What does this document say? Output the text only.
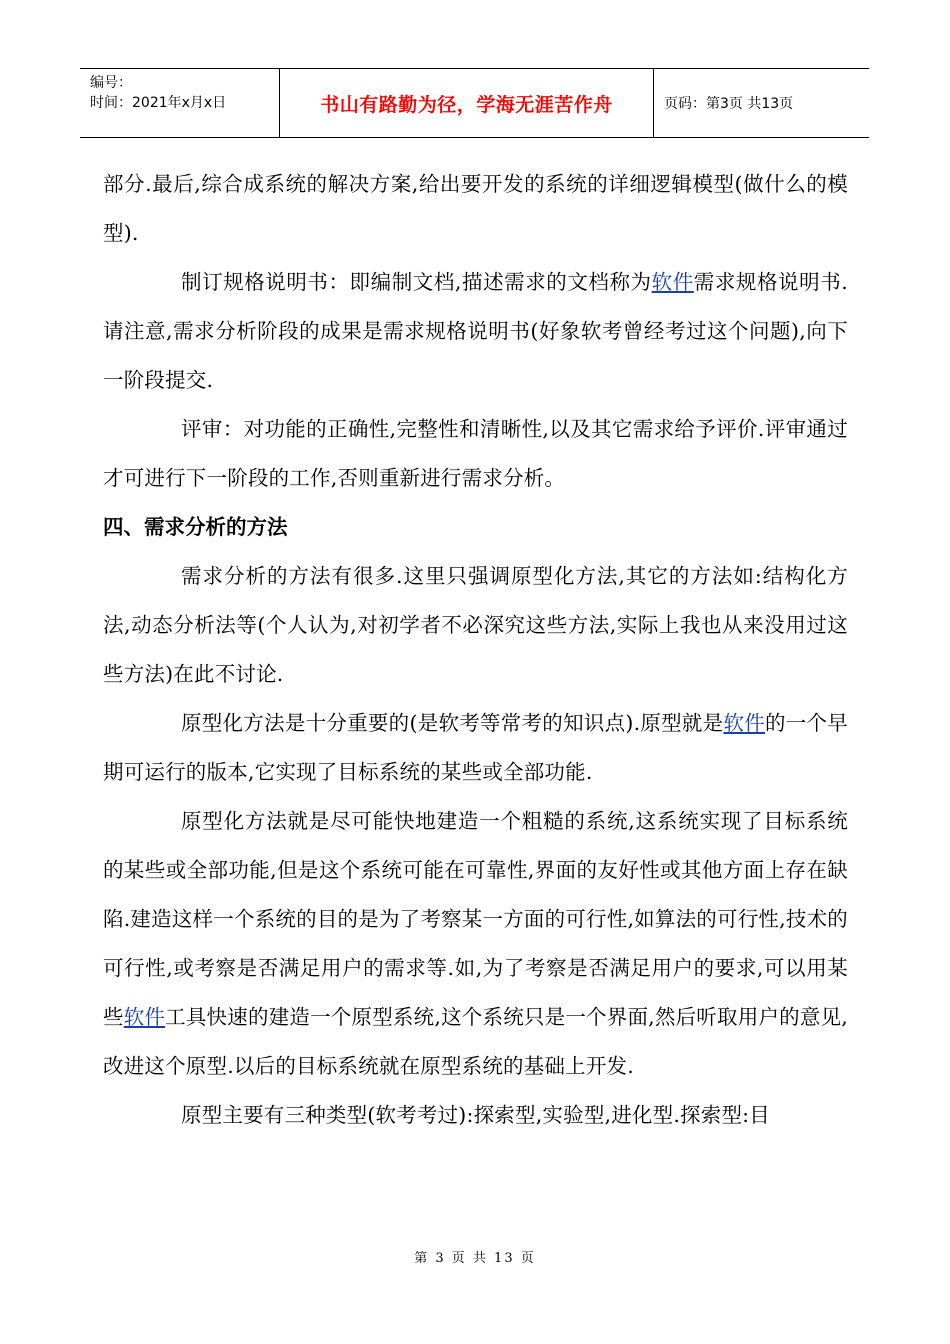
编号：
时间：2021年x月x日	书山有路勤为径，学海无涯苦作舟	页码：第3页 共13页

部分.最后,综合成系统的解决方案,给出要开发的系统的详细逻辑模型(做什么的模型).

制订规格说明书：即编制文档,描述需求的文档称为软件需求规格说明书.请注意,需求分析阶段的成果是需求规格说明书(好象软考曾经考过这个问题),向下一阶段提交.

评审：对功能的正确性,完整性和清晰性,以及其它需求给予评价.评审通过才可进行下一阶段的工作,否则重新进行需求分析。

四、需求分析的方法

需求分析的方法有很多.这里只强调原型化方法,其它的方法如:结构化方法,动态分析法等(个人认为,对初学者不必深究这些方法,实际上我也从来没用过这些方法)在此不讨论.

原型化方法是十分重要的(是软考等常考的知识点).原型就是软件的一个早期可运行的版本,它实现了目标系统的某些或全部功能.

原型化方法就是尽可能快地建造一个粗糙的系统,这系统实现了目标系统的某些或全部功能,但是这个系统可能在可靠性,界面的友好性或其他方面上存在缺陷.建造这样一个系统的目的是为了考察某一方面的可行性,如算法的可行性,技术的可行性,或考察是否满足用户的需求等.如,为了考察是否满足用户的要求,可以用某些软件工具快速的建造一个原型系统,这个系统只是一个界面,然后听取用户的意见,改进这个原型.以后的目标系统就在原型系统的基础上开发.

原型主要有三种类型(软考考过):探索型,实验型,进化型.探索型:目

第 3 页 共 13 页
